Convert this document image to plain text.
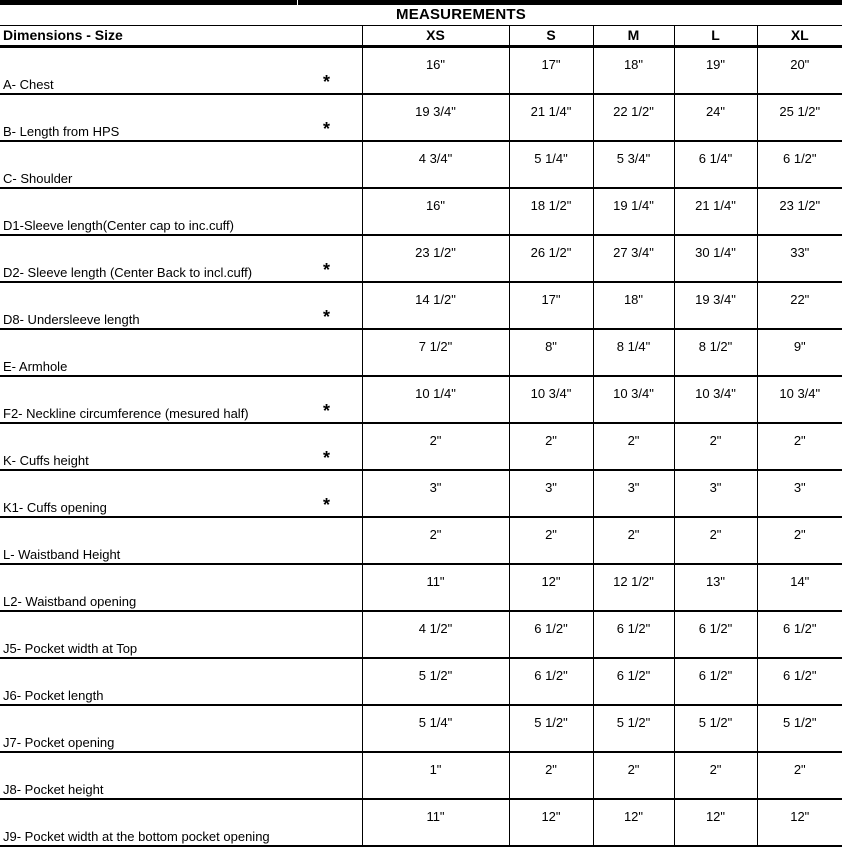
MEASUREMENTS						
Dimensions - Size		XS	S	M	L	XL
A- Chest	*	16"	17"	18"	19"	20"
B- Length from HPS	*	19 3/4"	21 1/4"	22 1/2"	24"	25 1/2"
C- Shoulder		4 3/4"	5 1/4"	5 3/4"	6 1/4"	6 1/2"
D1-Sleeve length(Center cap to inc.cuff)		16"	18 1/2"	19 1/4"	21 1/4"	23 1/2"
D2- Sleeve length (Center Back to incl.cuff)	*	23 1/2"	26 1/2"	27 3/4"	30 1/4"	33"
D8- Undersleeve length	*	14 1/2"	17"	18"	19 3/4"	22"
E- Armhole		7 1/2"	8"	8 1/4"	8 1/2"	9"
F2- Neckline circumference (mesured half)	*	10 1/4"	10 3/4"	10 3/4"	10 3/4"	10 3/4"
K- Cuffs height	*	2"	2"	2"	2"	2"
K1- Cuffs opening	*	3"	3"	3"	3"	3"
L- Waistband Height		2"	2"	2"	2"	2"
L2- Waistband opening		11"	12"	12 1/2"	13"	14"
J5- Pocket width at Top		4 1/2"	6 1/2"	6 1/2"	6 1/2"	6 1/2"
J6- Pocket length		5 1/2"	6 1/2"	6 1/2"	6 1/2"	6 1/2"
J7- Pocket opening		5 1/4"	5 1/2"	5 1/2"	5 1/2"	5 1/2"
J8- Pocket height		1"	2"	2"	2"	2"
J9- Pocket width at the bottom pocket opening		11"	12"	12"	12"	12"
